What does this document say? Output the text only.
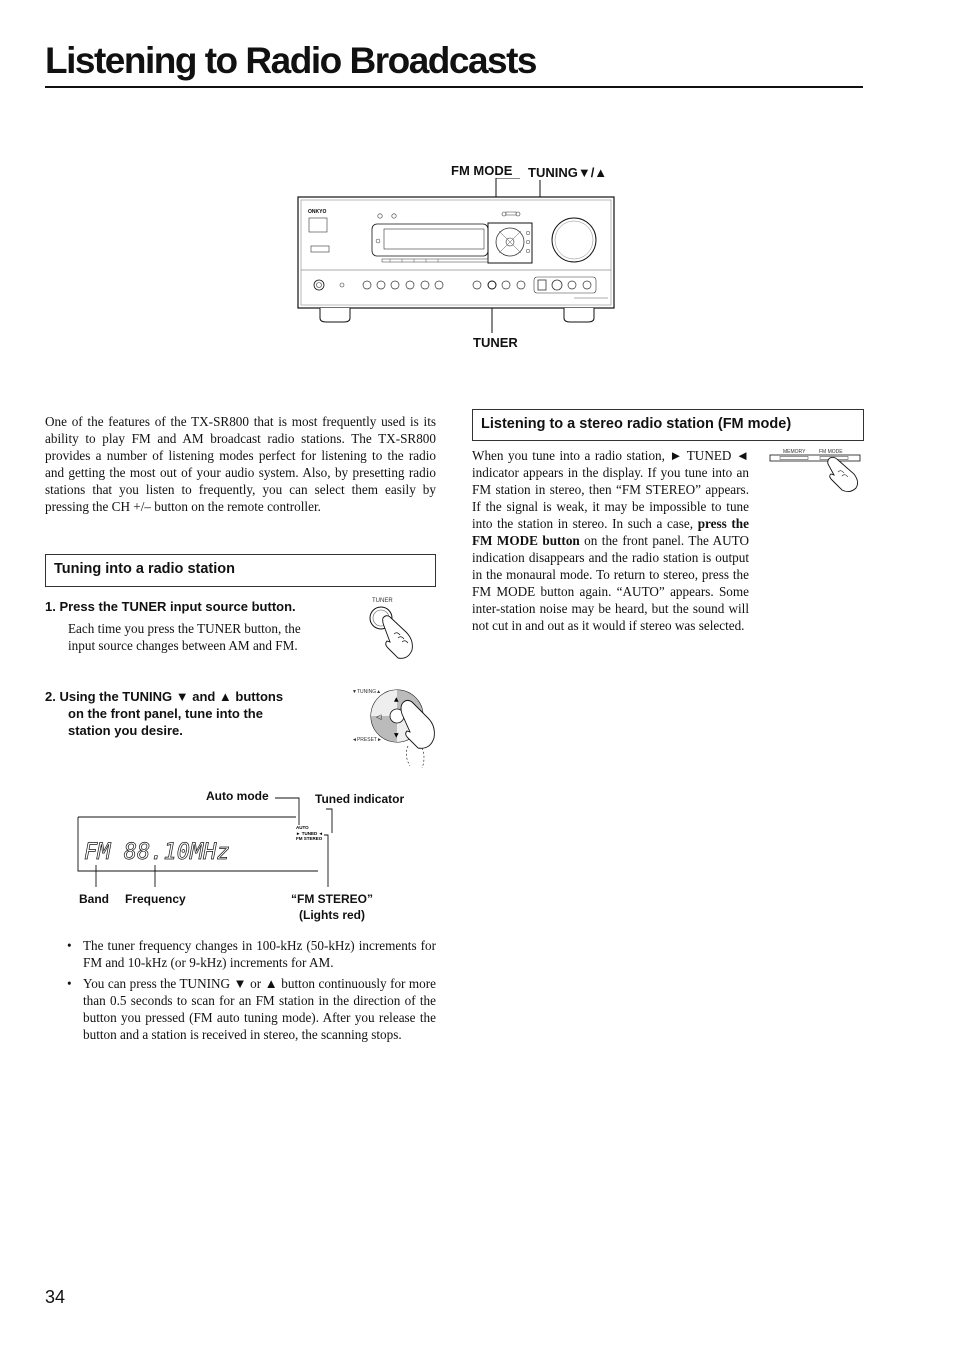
Listening to Radio Broadcasts
FM MODE TUNING▼/▲
TUNER
ONKYO
One of the features of the TX-SR800 that is most frequently used is its ability to play FM and AM broadcast radio stations. The TX-SR800 provides a number of listening modes perfect for listening to the radio and getting the most out of your audio system. Also, by presetting radio stations that you listen to frequently, you can select them easily by pressing the CH +/– button on the remote controller.
Tuning into a radio station
1. Press the TUNER input source button.
Each time you press the TUNER button, the input source changes between AM and FM.
TUNER
2. Using the TUNING ▼ and ▲ buttons
on the front panel, tune into the
station you desire.
▼TUNING▲
◄PRESET►
▲
▼
◁
Auto mode	Tuned indicator
FM 88.10MHz
AUTO
► TUNED ◄
FM STEREO
Band Frequency	“FM STEREO”
(Lights red)
• The tuner frequency changes in 100-kHz (50-kHz) increments for FM and 10-kHz (or 9-kHz) increments for AM.
• You can press the TUNING ▼ or ▲ button continuously for more than 0.5 seconds to scan for an FM station in the direction of the button you pressed (FM auto tuning mode). After you release the button and a station is received in stereo, the scanning stops.
Listening to a stereo radio station (FM mode)
When you tune into a radio station, ► TUNED ◄ indicator appears in the display. If you tune into an FM station in stereo, then “FM STEREO” appears. If the signal is weak, it may be impossible to tune into the station in stereo. In such a case, press the FM MODE button on the front panel. The AUTO indication disappears and the radio station is output in the monaural mode. To return to stereo, press the FM MODE button again. “AUTO” appears. Some inter-station noise may be heard, but the sound will not cut in and out as it would if stereo was selected.
MEMORY	FM MODE
34
